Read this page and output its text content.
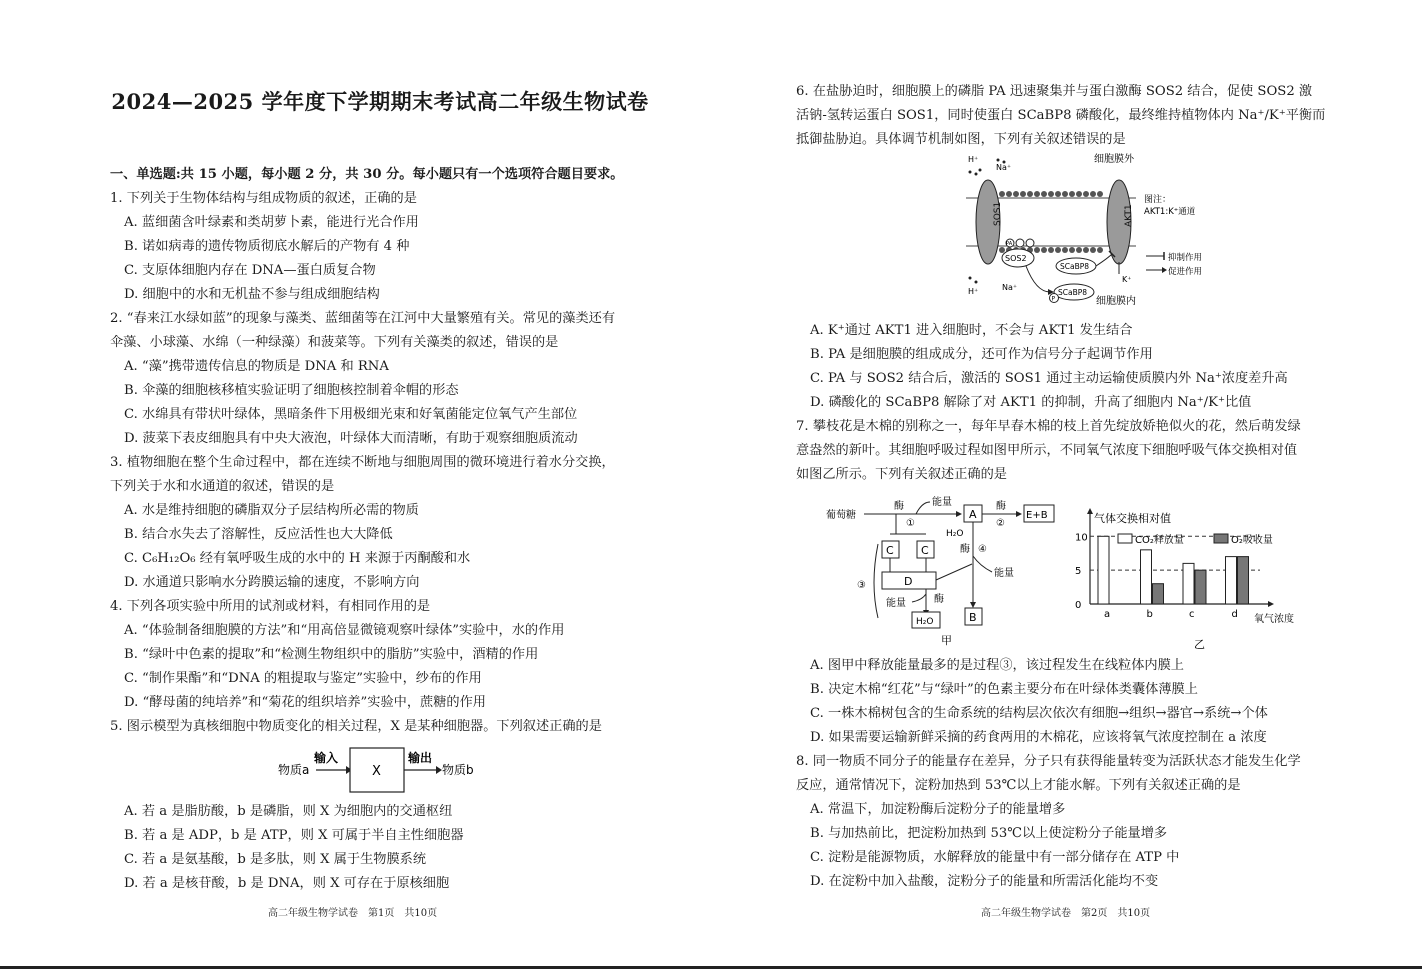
2024—2025 学年度下学期期末考试高二年级生物试卷

一、单选题:共 15 小题，每小题 2 分，共 30 分。每小题只有一个选项符合题目要求。

1. 下列关于生物体结构与组成物质的叙述，正确的是

A. 蓝细菌含叶绿素和类胡萝卜素，能进行光合作用

B. 诺如病毒的遗传物质彻底水解后的产物有 4 种

C. 支原体细胞内存在 DNA—蛋白质复合物

D. 细胞中的水和无机盐不参与组成细胞结构

2. “春来江水绿如蓝”的现象与藻类、蓝细菌等在江河中大量繁殖有关。常见的藻类还有

伞藻、小球藻、水绵（一种绿藻）和菠菜等。下列有关藻类的叙述，错误的是

A. “藻”携带遗传信息的物质是 DNA 和 RNA

B. 伞藻的细胞核移植实验证明了细胞核控制着伞帽的形态

C. 水绵具有带状叶绿体，黑暗条件下用极细光束和好氧菌能定位氧气产生部位

D. 菠菜下表皮细胞具有中央大液泡，叶绿体大而清晰，有助于观察细胞质流动

3. 植物细胞在整个生命过程中，都在连续不断地与细胞周围的微环境进行着水分交换，

下列关于水和水通道的叙述，错误的是

A. 水是维持细胞的磷脂双分子层结构所必需的物质

B. 结合水失去了溶解性，反应活性也大大降低

C. C₆H₁₂O₆ 经有氧呼吸生成的水中的 H 来源于丙酮酸和水

D. 水通道只影响水分跨膜运输的速度，不影响方向

4. 下列各项实验中所用的试剂或材料，有相同作用的是

A. “体验制备细胞膜的方法”和“用高倍显微镜观察叶绿体”实验中，水的作用

B. “绿叶中色素的提取”和“检测生物组织中的脂肪”实验中，酒精的作用

C. “制作果酯”和“DNA 的粗提取与鉴定”实验中，纱布的作用

D. “酵母菌的纯培养”和“菊花的组织培养”实验中，蔗糖的作用

5. 图示模型为真核细胞中物质变化的相关过程，X 是某种细胞器。下列叙述正确的是

物质a
输入
X
输出
物质b

A. 若 a 是脂肪酸，b 是磷脂，则 X 为细胞内的交通枢纽

B. 若 a 是 ADP，b 是 ATP，则 X 可属于半自主性细胞器

C. 若 a 是氨基酸，b 是多肽，则 X 属于生物膜系统

D. 若 a 是核苷酸，b 是 DNA，则 X 可存在于原核细胞

高二年级生物学试卷　第1页　共10页

6. 在盐胁迫时，细胞膜上的磷脂 PA 迅速聚集并与蛋白激酶 SOS2 结合，促使 SOS2 激

活钠-氢转运蛋白 SOS1，同时使蛋白 SCaBP8 磷酸化，最终维持植物体内 Na⁺/K⁺平衡而

抵御盐胁迫。具体调节机制如图，下列有关叙述错误的是

细胞膜外
细胞膜内
SOS1	AKT1
H⁺
Na⁺
H⁺	Na⁺
K⁺
PA
SOS2
SCaBP8
SCaBP8
P
图注：
AKT1:K⁺通道
抑制作用
促进作用

A. K⁺通过 AKT1 进入细胞时，不会与 AKT1 发生结合

B. PA 是细胞膜的组成成分，还可作为信号分子起调节作用

C. PA 与 SOS2 结合后，激活的 SOS1 通过主动运输使质膜内外 Na⁺浓度差升高

D. 磷酸化的 SCaBP8 解除了对 AKT1 的抑制，升高了细胞内 Na⁺/K⁺比值

7. 攀枝花是木棉的别称之一，每年早春木棉的枝上首先绽放娇艳似火的花，然后萌发绿

意盎然的新叶。其细胞呼吸过程如图甲所示，不同氧气浓度下细胞呼吸气体交换相对值

如图乙所示。下列有关叙述正确的是

葡萄糖
酶
①
能量
A
酶
②
E+B
H₂O
酶 ④
能量
B
C C
D
③
能量	酶
H₂O
甲
气体交换相对值
0
5
10	CO₂释放量	O₂吸收量
a	b	c	d 氧气浓度
乙

A. 图甲中释放能量最多的是过程③，该过程发生在线粒体内膜上

B. 决定木棉“红花”与“绿叶”的色素主要分布在叶绿体类囊体薄膜上

C. 一株木棉树包含的生命系统的结构层次依次有细胞→组织→器官→系统→个体

D. 如果需要运输新鲜采摘的药食两用的木棉花，应该将氧气浓度控制在 a 浓度

8. 同一物质不同分子的能量存在差异，分子只有获得能量转变为活跃状态才能发生化学

反应，通常情况下，淀粉加热到 53℃以上才能水解。下列有关叙述正确的是

A. 常温下，加淀粉酶后淀粉分子的能量增多

B. 与加热前比，把淀粉加热到 53℃以上使淀粉分子能量增多

C. 淀粉是能源物质，水解释放的能量中有一部分储存在 ATP 中

D. 在淀粉中加入盐酸，淀粉分子的能量和所需活化能均不变

高二年级生物学试卷　第2页　共10页
